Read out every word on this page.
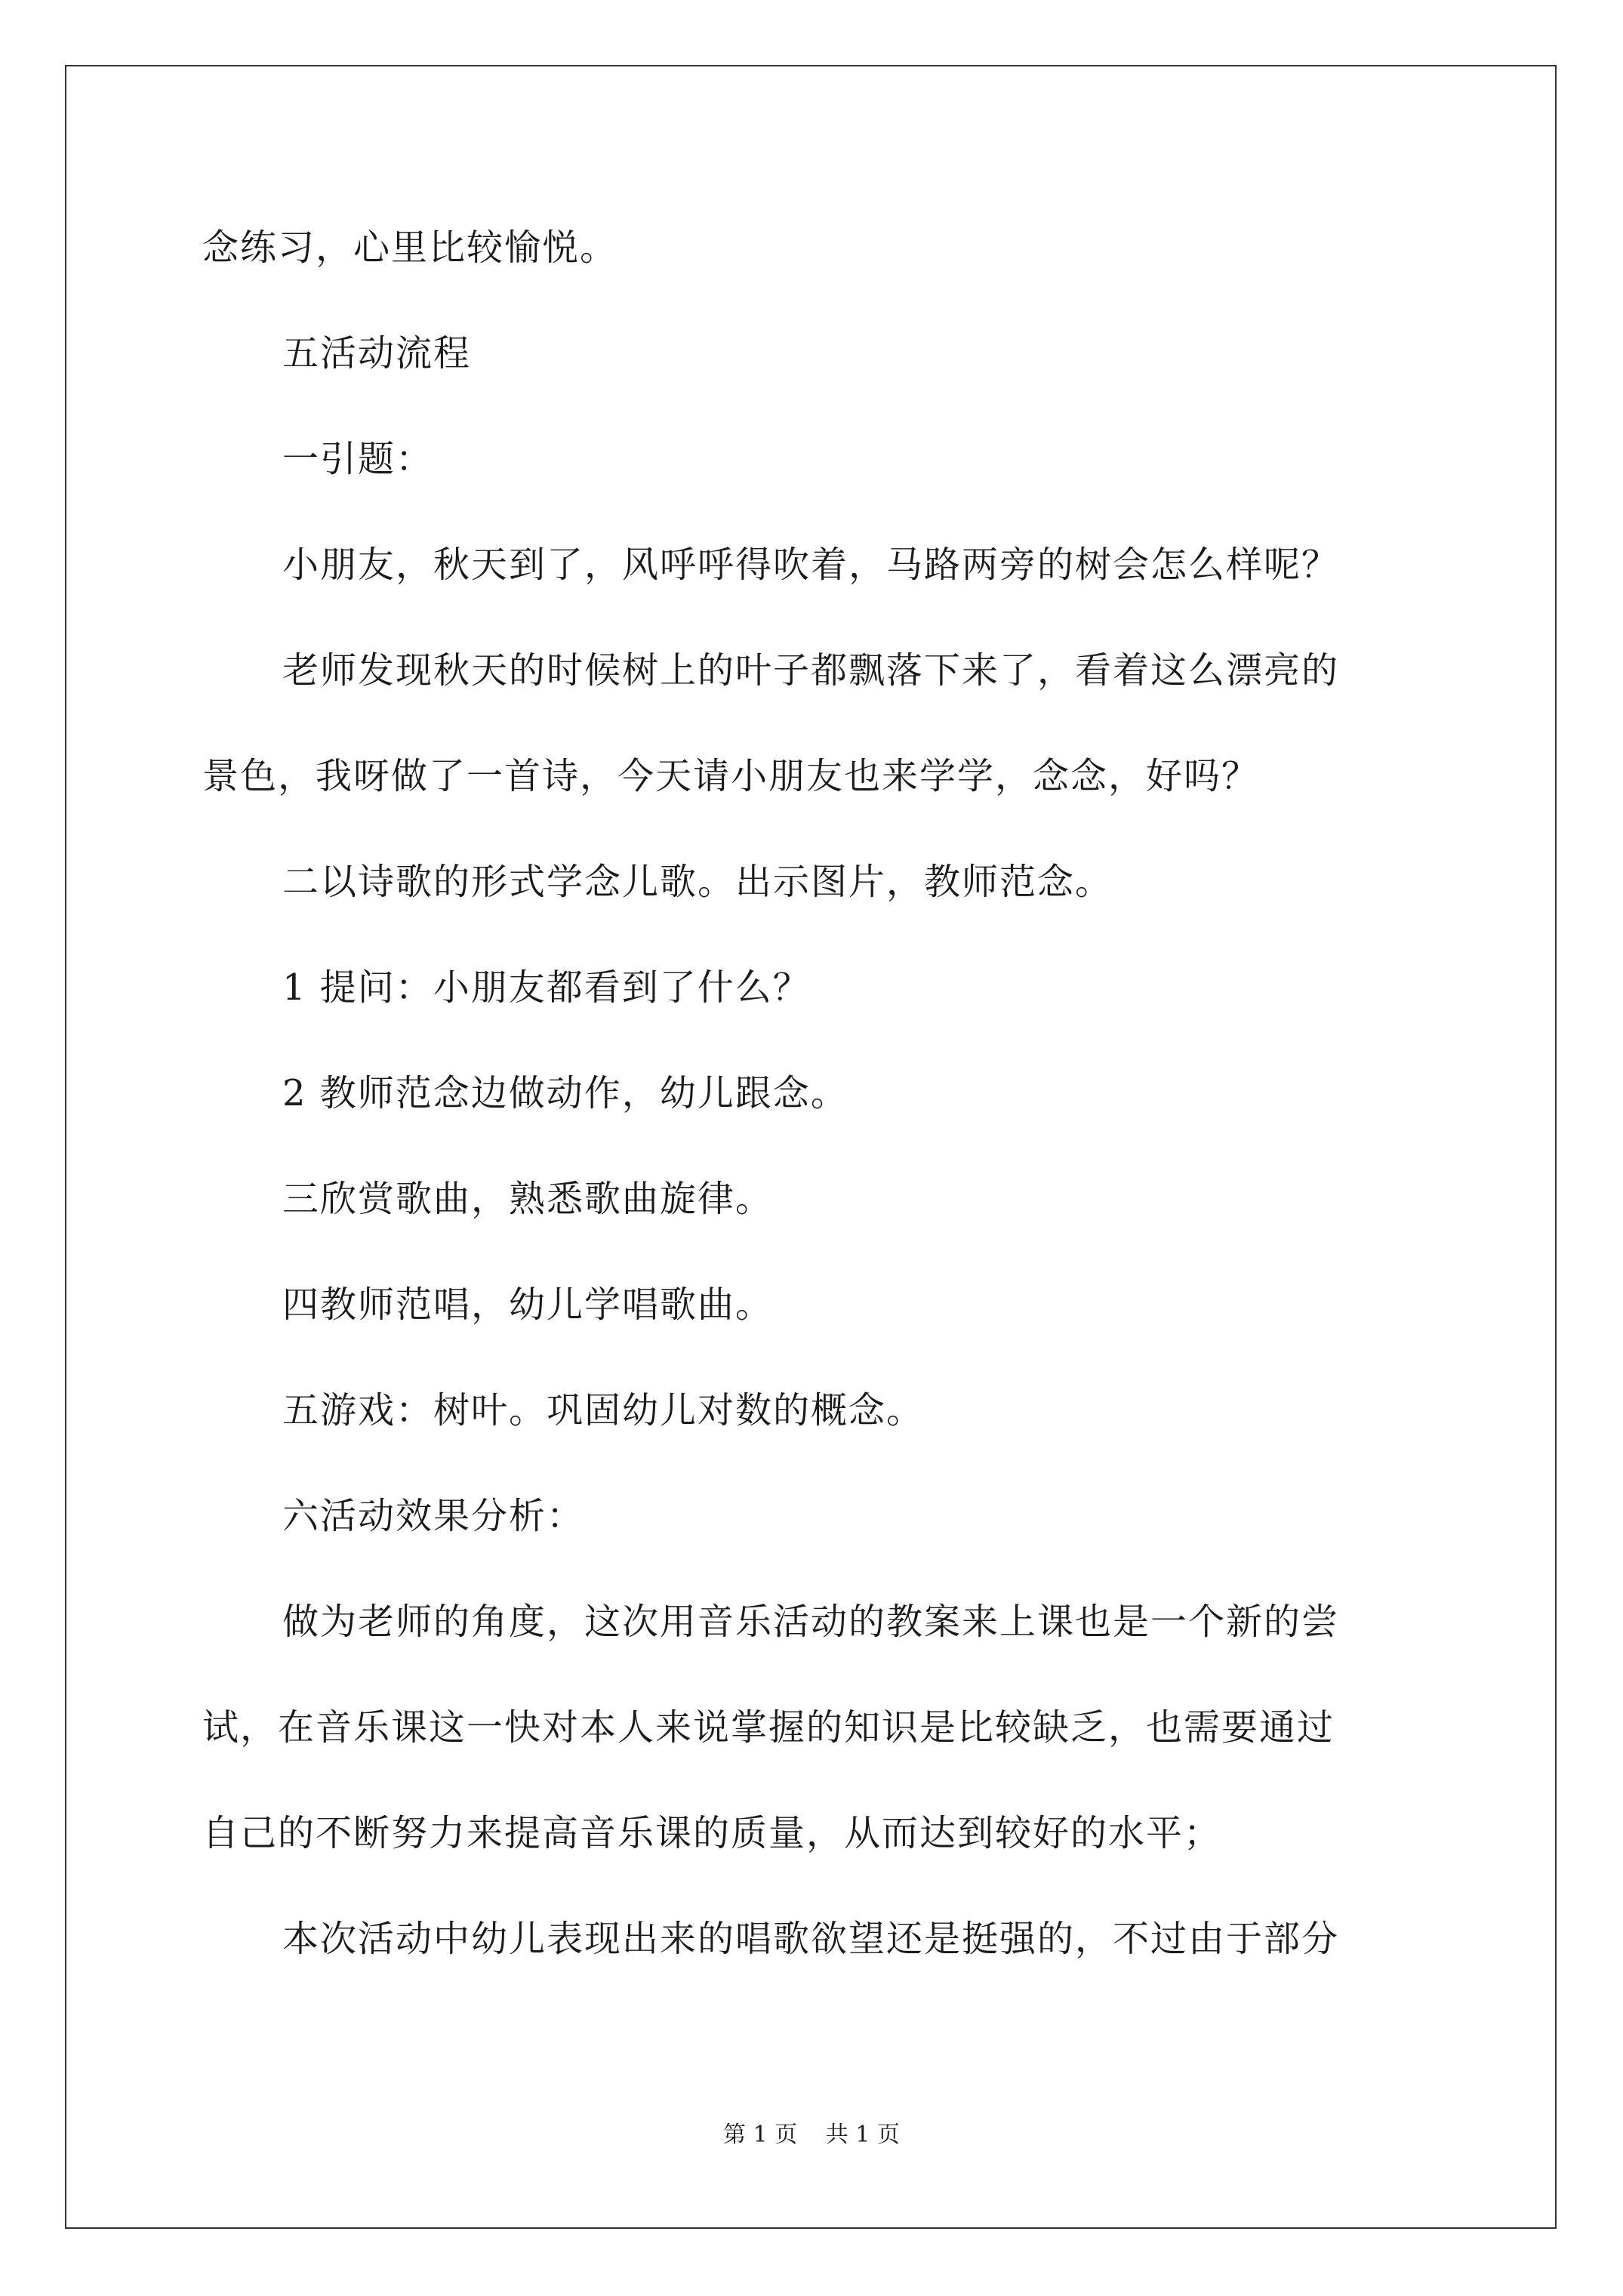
念练习，心里比较愉悦。
五活动流程
一引题：
小朋友，秋天到了，风呼呼得吹着，马路两旁的树会怎么样呢？
老师发现秋天的时候树上的叶子都飘落下来了，看着这么漂亮的
景色，我呀做了一首诗，今天请小朋友也来学学，念念，好吗？
二以诗歌的形式学念儿歌。出示图片，教师范念。
1 提问：小朋友都看到了什么？
2 教师范念边做动作，幼儿跟念。
三欣赏歌曲，熟悉歌曲旋律。
四教师范唱，幼儿学唱歌曲。
五游戏：树叶。巩固幼儿对数的概念。
六活动效果分析：
做为老师的角度，这次用音乐活动的教案来上课也是一个新的尝
试，在音乐课这一快对本人来说掌握的知识是比较缺乏，也需要通过
自己的不断努力来提高音乐课的质量，从而达到较好的水平；
本次活动中幼儿表现出来的唱歌欲望还是挺强的，不过由于部分
第 1 页 共 1 页
